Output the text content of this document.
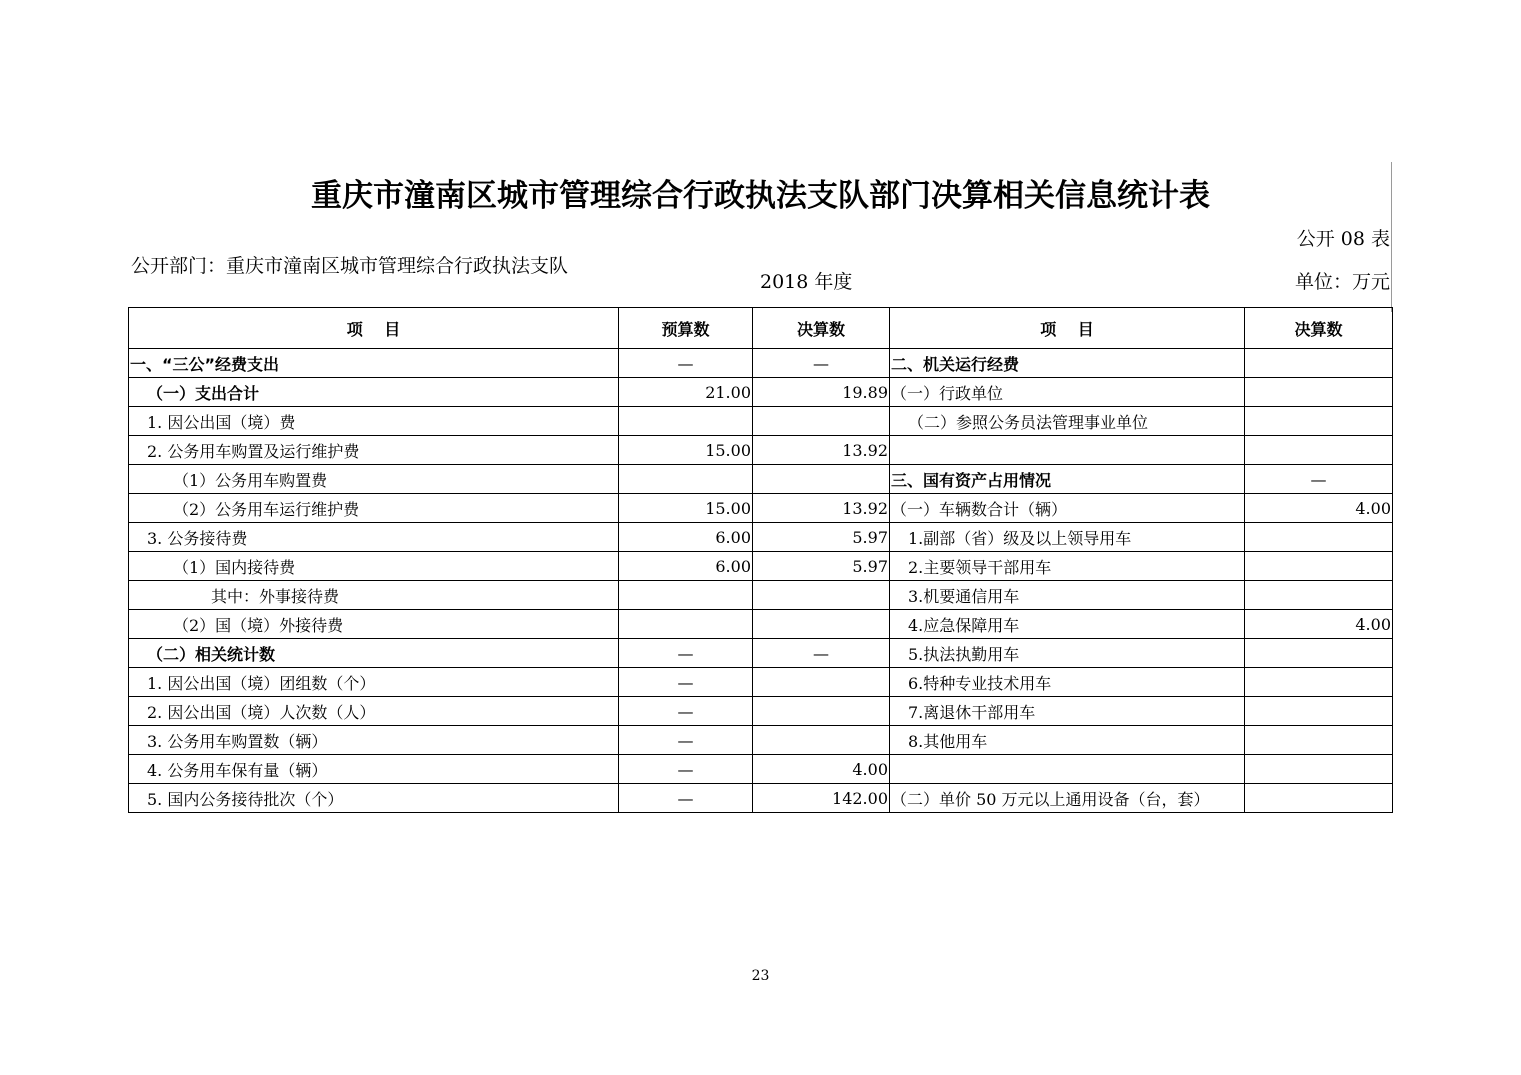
重庆市潼南区城市管理综合行政执法支队部门决算相关信息统计表
公开 08 表
公开部门：重庆市潼南区城市管理综合行政执法支队
2018 年度	单位：万元
项　 目	预算数	决算数	项　 目	决算数
一、“三公”经费支出	—	—	二、机关运行经费	
（一）支出合计	21.00	19.89	（一）行政单位	
1. 因公出国（境）费			（二）参照公务员法管理事业单位	
2. 公务用车购置及运行维护费	15.00	13.92		
（1）公务用车购置费			三、国有资产占用情况	—
（2）公务用车运行维护费	15.00	13.92	（一）车辆数合计（辆）	4.00
3. 公务接待费	6.00	5.97	1.副部（省）级及以上领导用车	
（1）国内接待费	6.00	5.97	2.主要领导干部用车	
其中：外事接待费			3.机要通信用车	
（2）国（境）外接待费			4.应急保障用车	4.00
（二）相关统计数	—	—	5.执法执勤用车	
1. 因公出国（境）团组数（个）	—		6.特种专业技术用车	
2. 因公出国（境）人次数（人）	—		7.离退休干部用车	
3. 公务用车购置数（辆）	—		8.其他用车	
4. 公务用车保有量（辆）	—	4.00		
5. 国内公务接待批次（个）	—	142.00	（二）单价 50 万元以上通用设备（台，套）	
23
